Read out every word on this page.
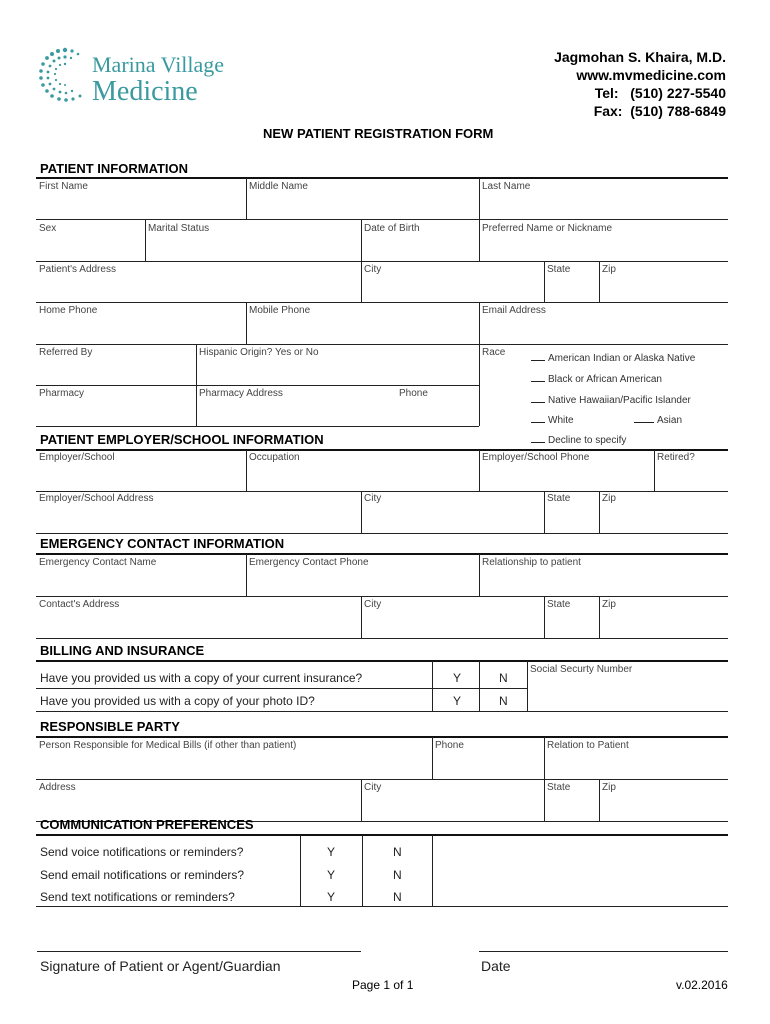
Marina Village
Medicine
Jagmohan S. Khaira, M.D.
www.mvmedicine.com
Tel:   (510) 227-5540
Fax:  (510) 788-6849
NEW PATIENT REGISTRATION FORM
PATIENT INFORMATION
First Name	Middle Name	Last Name
Sex	Marital Status	Date of Birth	Preferred Name or Nickname
Patient's Address	City	State	Zip
Home Phone	Mobile Phone	Email Address
Referred By	Hispanic Origin? Yes or No	Race
Pharmacy	Pharmacy Address	Phone
American Indian or Alaska Native
Black or African American
Native Hawaiian/Pacific Islander
White	Asian
Decline to specify
PATIENT EMPLOYER/SCHOOL INFORMATION
Employer/School	Occupation	Employer/School Phone	Retired?
Employer/School Address	City	State	Zip
EMERGENCY CONTACT INFORMATION
Emergency Contact Name	Emergency Contact Phone	Relationship to patient
Contact's Address	City	State	Zip
BILLING AND INSURANCE
Have you provided us with a copy of your current insurance?	Y	N
Social Securty Number
Have you provided us with a copy of your photo ID?	Y	N
RESPONSIBLE PARTY
Person Responsible for Medical Bills (if other than patient)	Phone	Relation to Patient
Address	City	State	Zip
COMMUNICATION PREFERENCES
Send voice notifications or reminders?	Y	N
Send email notifications or reminders?	Y	N
Send text notifications or reminders?	Y	N
Signature of Patient or Agent/Guardian	Date
Page 1 of 1	v.02.2016
